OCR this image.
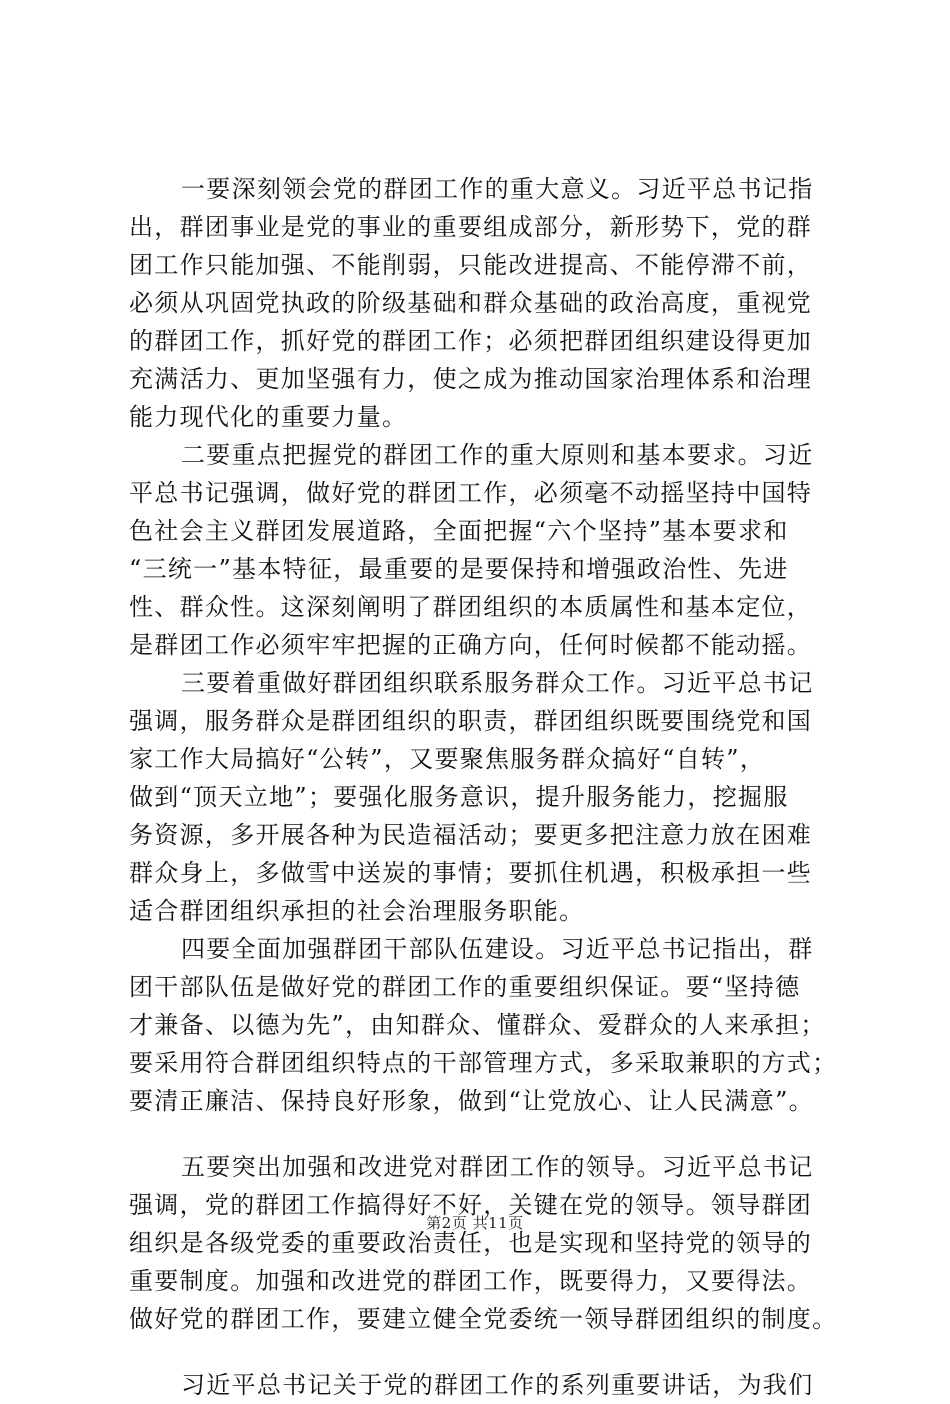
一要深刻领会党的群团工作的重大意义。习近平总书记指
出，群团事业是党的事业的重要组成部分，新形势下，党的群
团工作只能加强、不能削弱，只能改进提高、不能停滞不前，
必须从巩固党执政的阶级基础和群众基础的政治高度，重视党
的群团工作，抓好党的群团工作；必须把群团组织建设得更加
充满活力、更加坚强有力，使之成为推动国家治理体系和治理
能力现代化的重要力量。
二要重点把握党的群团工作的重大原则和基本要求。习近
平总书记强调，做好党的群团工作，必须毫不动摇坚持中国特
色社会主义群团发展道路，全面把握“六个坚持”基本要求和
“三统一”基本特征，最重要的是要保持和增强政治性、先进
性、群众性。这深刻阐明了群团组织的本质属性和基本定位，
是群团工作必须牢牢把握的正确方向，任何时候都不能动摇。
三要着重做好群团组织联系服务群众工作。习近平总书记
强调，服务群众是群团组织的职责，群团组织既要围绕党和国
家工作大局搞好“公转”，又要聚焦服务群众搞好“自转”，
做到“顶天立地”；要强化服务意识，提升服务能力，挖掘服
务资源，多开展各种为民造福活动；要更多把注意力放在困难
群众身上，多做雪中送炭的事情；要抓住机遇，积极承担一些
适合群团组织承担的社会治理服务职能。
四要全面加强群团干部队伍建设。习近平总书记指出，群
团干部队伍是做好党的群团工作的重要组织保证。要“坚持德
才兼备、以德为先”，由知群众、懂群众、爱群众的人来承担；
要采用符合群团组织特点的干部管理方式，多采取兼职的方式；
要清正廉洁、保持良好形象，做到“让党放心、让人民满意”。
五要突出加强和改进党对群团工作的领导。习近平总书记
强调，党的群团工作搞得好不好，关键在党的领导。领导群团
组织是各级党委的重要政治责任，也是实现和坚持党的领导的
重要制度。加强和改进党的群团工作，既要得力，又要得法。
做好党的群团工作，要建立健全党委统一领导群团组织的制度。
习近平总书记关于党的群团工作的系列重要讲话，为我们
第2页 共11页
